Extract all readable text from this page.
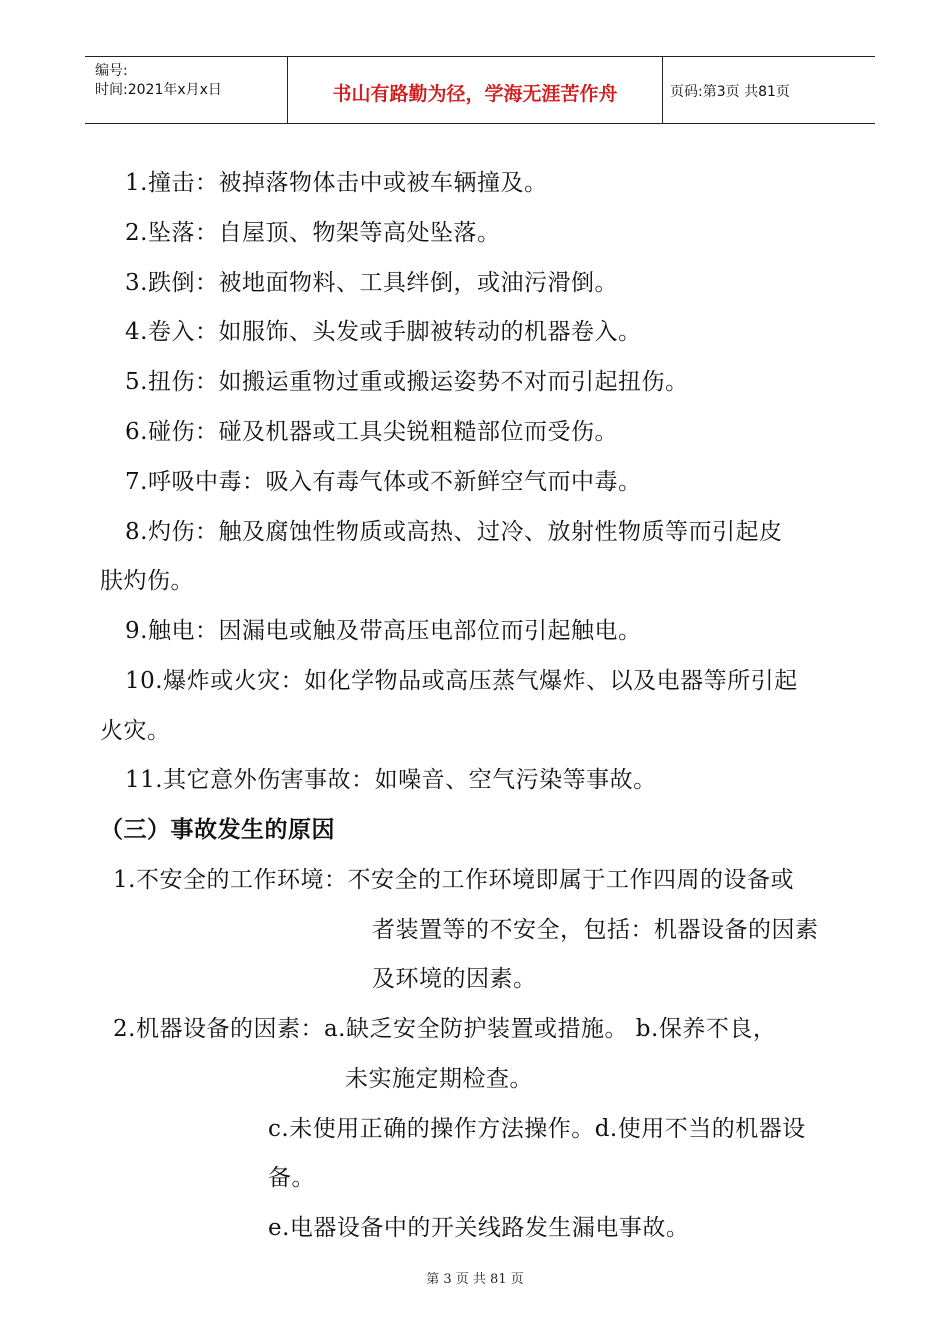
编号:
时间:2021年x月x日	书山有路勤为径，学海无涯苦作舟	页码:第3页 共81页
1.撞击：被掉落物体击中或被车辆撞及。
2.坠落：自屋顶、物架等高处坠落。
3.跌倒：被地面物料、工具绊倒，或油污滑倒。
4.卷入：如服饰、头发或手脚被转动的机器卷入。
5.扭伤：如搬运重物过重或搬运姿势不对而引起扭伤。
6.碰伤：碰及机器或工具尖锐粗糙部位而受伤。
7.呼吸中毒：吸入有毒气体或不新鲜空气而中毒。
8.灼伤：触及腐蚀性物质或高热、过冷、放射性物质等而引起皮
肤灼伤。
9.触电：因漏电或触及带高压电部位而引起触电。
10.爆炸或火灾：如化学物品或高压蒸气爆炸、以及电器等所引起
火灾。
11.其它意外伤害事故：如噪音、空气污染等事故。
（三）事故发生的原因
1.不安全的工作环境：不安全的工作环境即属于工作四周的设备或
者装置等的不安全，包括：机器设备的因素
及环境的因素。
2.机器设备的因素：a.缺乏安全防护装置或措施。 b.保养不良，
未实施定期检查。
c.未使用正确的操作方法操作。d.使用不当的机器设
备。
e.电器设备中的开关线路发生漏电事故。
第 3 页 共 81 页
